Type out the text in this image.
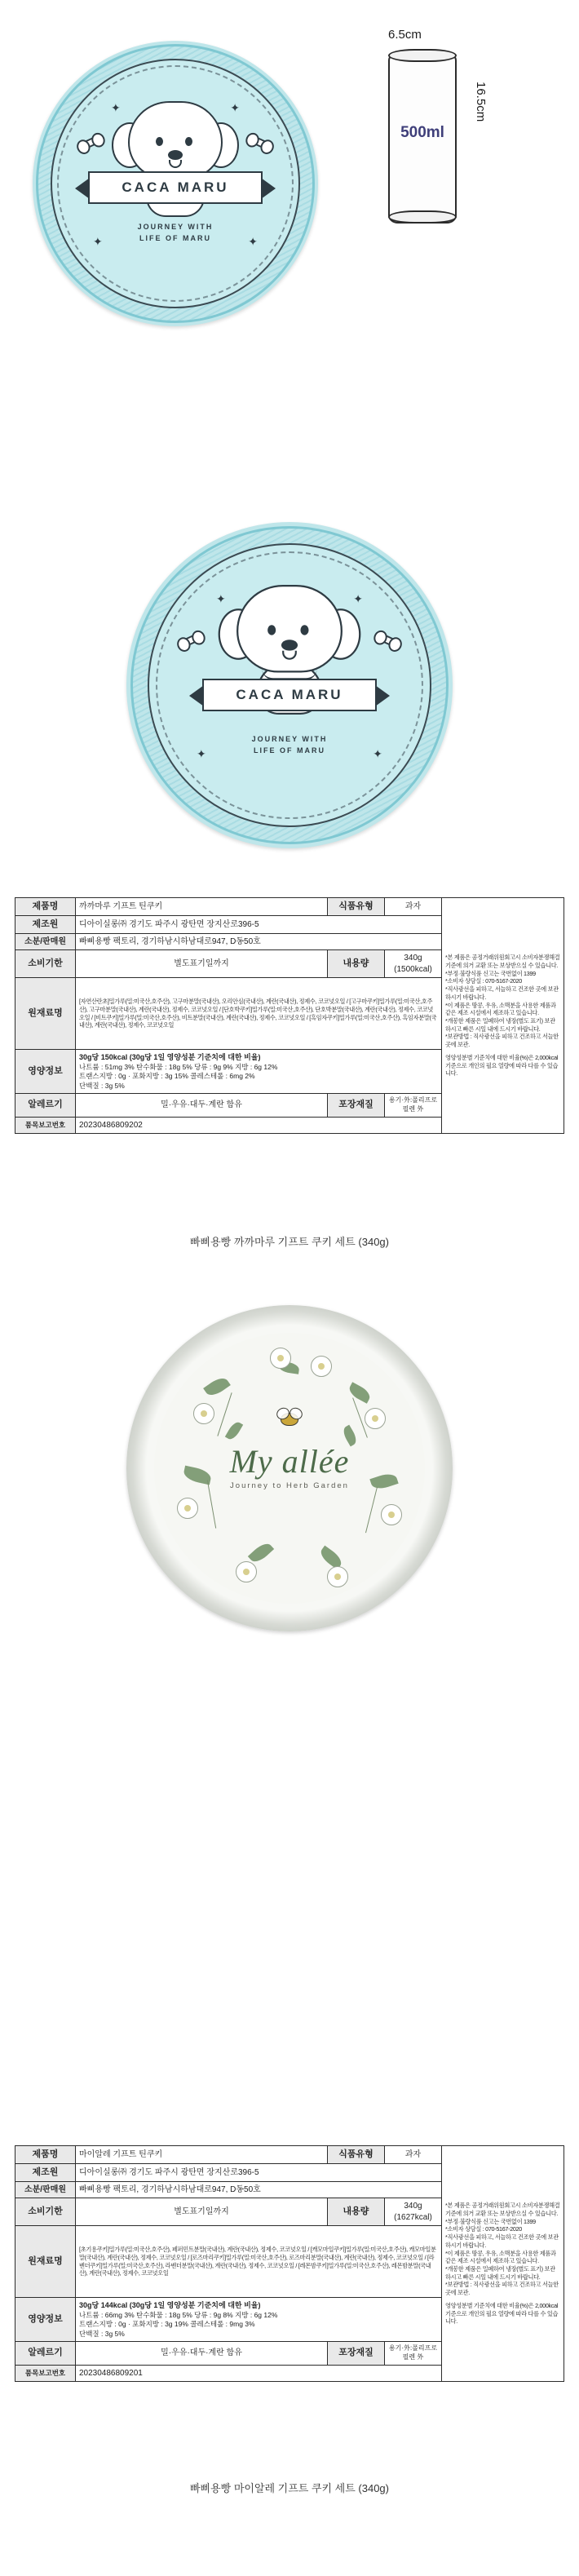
✦	✦
CACA MARU
JOURNEY WITH
LIFE OF MARU
✦	✦
6.5cm
500ml
16.5cm
✦	✦
CACA MARU
JOURNEY WITH
LIFE OF MARU
✦	✦
제품명	까까마루 기프트 틴쿠키	식품유형	과자	
*본 제품은 공정거래위원회고시 소비자분쟁해결기준에 의거 교환 또는 보상받으실 수 있습니다.
*부정·불량식품 신고는 국번없이 1399
*소비자 상담실 : 070-5167-2020
*직사광선을 피하고, 서늘하고 건조한 곳에 보관하시기 바랍니다.
*이 제품은 땅콩, 우유, 소맥분을 사용한 제품과 같은 제조 시설에서 제조하고 있습니다.
*개봉한 제품은 밀폐하여 냉장(별도 표기) 보관하시고 빠른 시일 내에 드시기 바랍니다.
*보관방법 : 직사광선을 피하고 건조하고 서늘한 곳에 보관.
영양성분별 기준치에 대한 비율(%)은 2,000kcal 기준으로 개인의 필요 열량에 따라 다를 수 있습니다.

제조원	디아이실롱㈜ 경기도 파주시 광탄면 장지산로396-5			
소분/판매원	빠삐용빵 팩토리, 경기하남시하남대로947, D동50호			
소비기한	별도표기일까지	내용량	340g (1500kcal)	
원재료명	[자연산란초]밀가루(밀:미국산,호주산), 고구마분말(국내산), 오리안심(국내산), 계란(국내산), 정제수, 코코넛오일 / [고구마쿠키]밀가루(밀:미국산,호주산), 고구마분말(국내산), 계란(국내산), 정제수, 코코넛오일 / [단호박쿠키]밀가루(밀:미국산,호주산), 단호박분말(국내산), 계란(국내산), 정제수, 코코넛오일 / [비트쿠키]밀가루(밀:미국산,호주산), 비트분말(국내산), 계란(국내산), 정제수, 코코넛오일 / [흑임자쿠키]밀가루(밀:미국산,호주산), 흑임자분말(국내산), 계란(국내산), 정제수, 코코넛오일			
영양정보	30g당 150kcal (30g당 1일 영양성분 기준치에 대한 비율)
나트륨 : 51mg 3% 탄수화물 : 18g 5% 당류 : 9g 9% 지방 : 6g 12%
트랜스지방 : 0g · 포화지방 : 3g 15% 콜레스테롤 : 6mg 2%
단백질 : 3g 5%			
알레르기	밀·우유·대두·계란 함유	포장재질	용기·外:폴리프로필렌 外	
품목보고번호	20230486809202			
빠삐용빵 까까마루 기프트 쿠키 세트 (340g)
My allée
Journey to Herb Garden
제품명	마이알레 기프트 틴쿠키	식품유형	과자	
*본 제품은 공정거래위원회고시 소비자분쟁해결기준에 의거 교환 또는 보상받으실 수 있습니다.
*부정·불량식품 신고는 국번없이 1399
*소비자 상담실 : 070-5167-2020
*직사광선을 피하고, 서늘하고 건조한 곳에 보관하시기 바랍니다.
*이 제품은 땅콩, 우유, 소맥분을 사용한 제품과 같은 제조 시설에서 제조하고 있습니다.
*개봉한 제품은 밀폐하여 냉장(별도 표기) 보관하시고 빠른 시일 내에 드시기 바랍니다.
*보관방법 : 직사광선을 피하고 건조하고 서늘한 곳에 보관.
영양성분별 기준치에 대한 비율(%)은 2,000kcal 기준으로 개인의 필요 열량에 따라 다를 수 있습니다.

제조원	디아이실롱㈜ 경기도 파주시 광탄면 장지산로396-5			
소분/판매원	빠삐용빵 팩토리, 경기하남시하남대로947, D동50호			
소비기한	별도표기일까지	내용량	340g (1627kcal)	
원재료명	[초기용쿠키]밀가루(밀:미국산,호주산), 페퍼민트분말(국내산), 계란(국내산), 정제수, 코코넛오일 / [캐모마일쿠키]밀가루(밀:미국산,호주산), 캐모마일분말(국내산), 계란(국내산), 정제수, 코코넛오일 / [로즈마리쿠키]밀가루(밀:미국산,호주산), 로즈마리분말(국내산), 계란(국내산), 정제수, 코코넛오일 / [라벤더쿠키]밀가루(밀:미국산,호주산), 라벤더분말(국내산), 계란(국내산), 정제수, 코코넛오일 / [레몬밤쿠키]밀가루(밀:미국산,호주산), 레몬밤분말(국내산), 계란(국내산), 정제수, 코코넛오일			
영양정보	30g당 144kcal (30g당 1일 영양성분 기준치에 대한 비율)
나트륨 : 66mg 3% 탄수화물 : 18g 5% 당류 : 9g 8% 지방 : 6g 12%
트랜스지방 : 0g · 포화지방 : 3g 19% 콜레스테롤 : 9mg 3%
단백질 : 3g 5%			
알레르기	밀·우유·대두·계란 함유	포장재질	용기·外:폴리프로필렌 外	
품목보고번호	20230486809201			
빠삐용빵 마이알레 기프트 쿠키 세트 (340g)
